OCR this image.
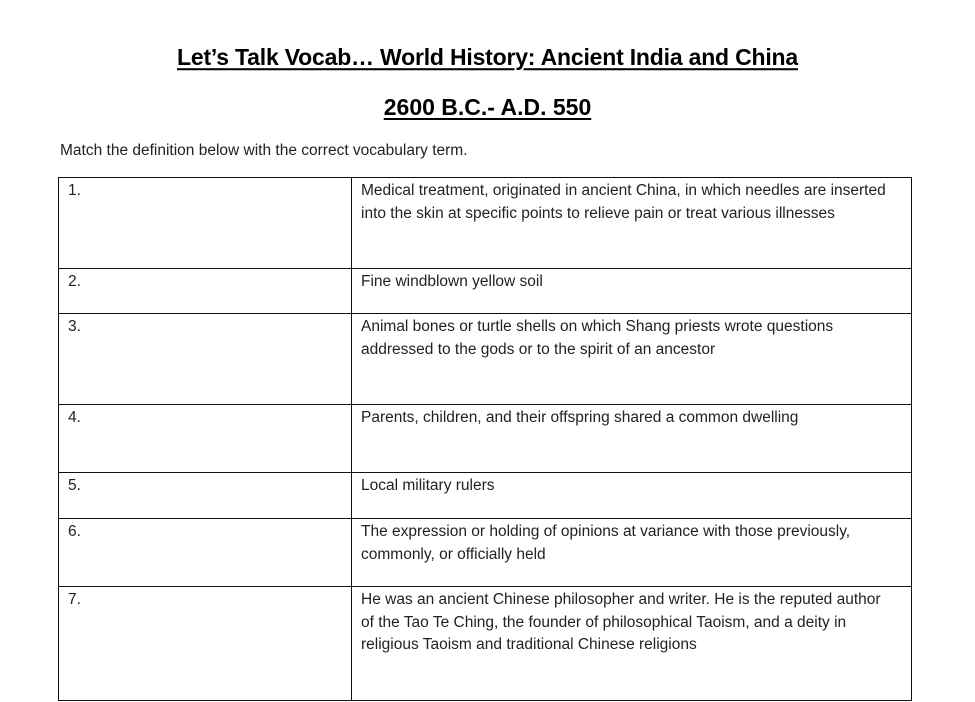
Let’s Talk Vocab… World History: Ancient India and China
2600 B.C.- A.D. 550
Match the definition below with the correct vocabulary term.
1.	Medical treatment, originated in ancient China, in which needles are inserted into the skin at specific points to relieve pain or treat various illnesses
2.	Fine windblown yellow soil
3.	Animal bones or turtle shells on which Shang priests wrote questions addressed to the gods or to the spirit of an ancestor
4.	Parents, children, and their offspring shared a common dwelling
5.	Local military rulers
6.	The expression or holding of opinions at variance with those previously, commonly, or officially held
7.	He was an ancient Chinese philosopher and writer. He is the reputed author of the Tao Te Ching, the founder of philosophical Taoism, and a deity in religious Taoism and traditional Chinese religions
